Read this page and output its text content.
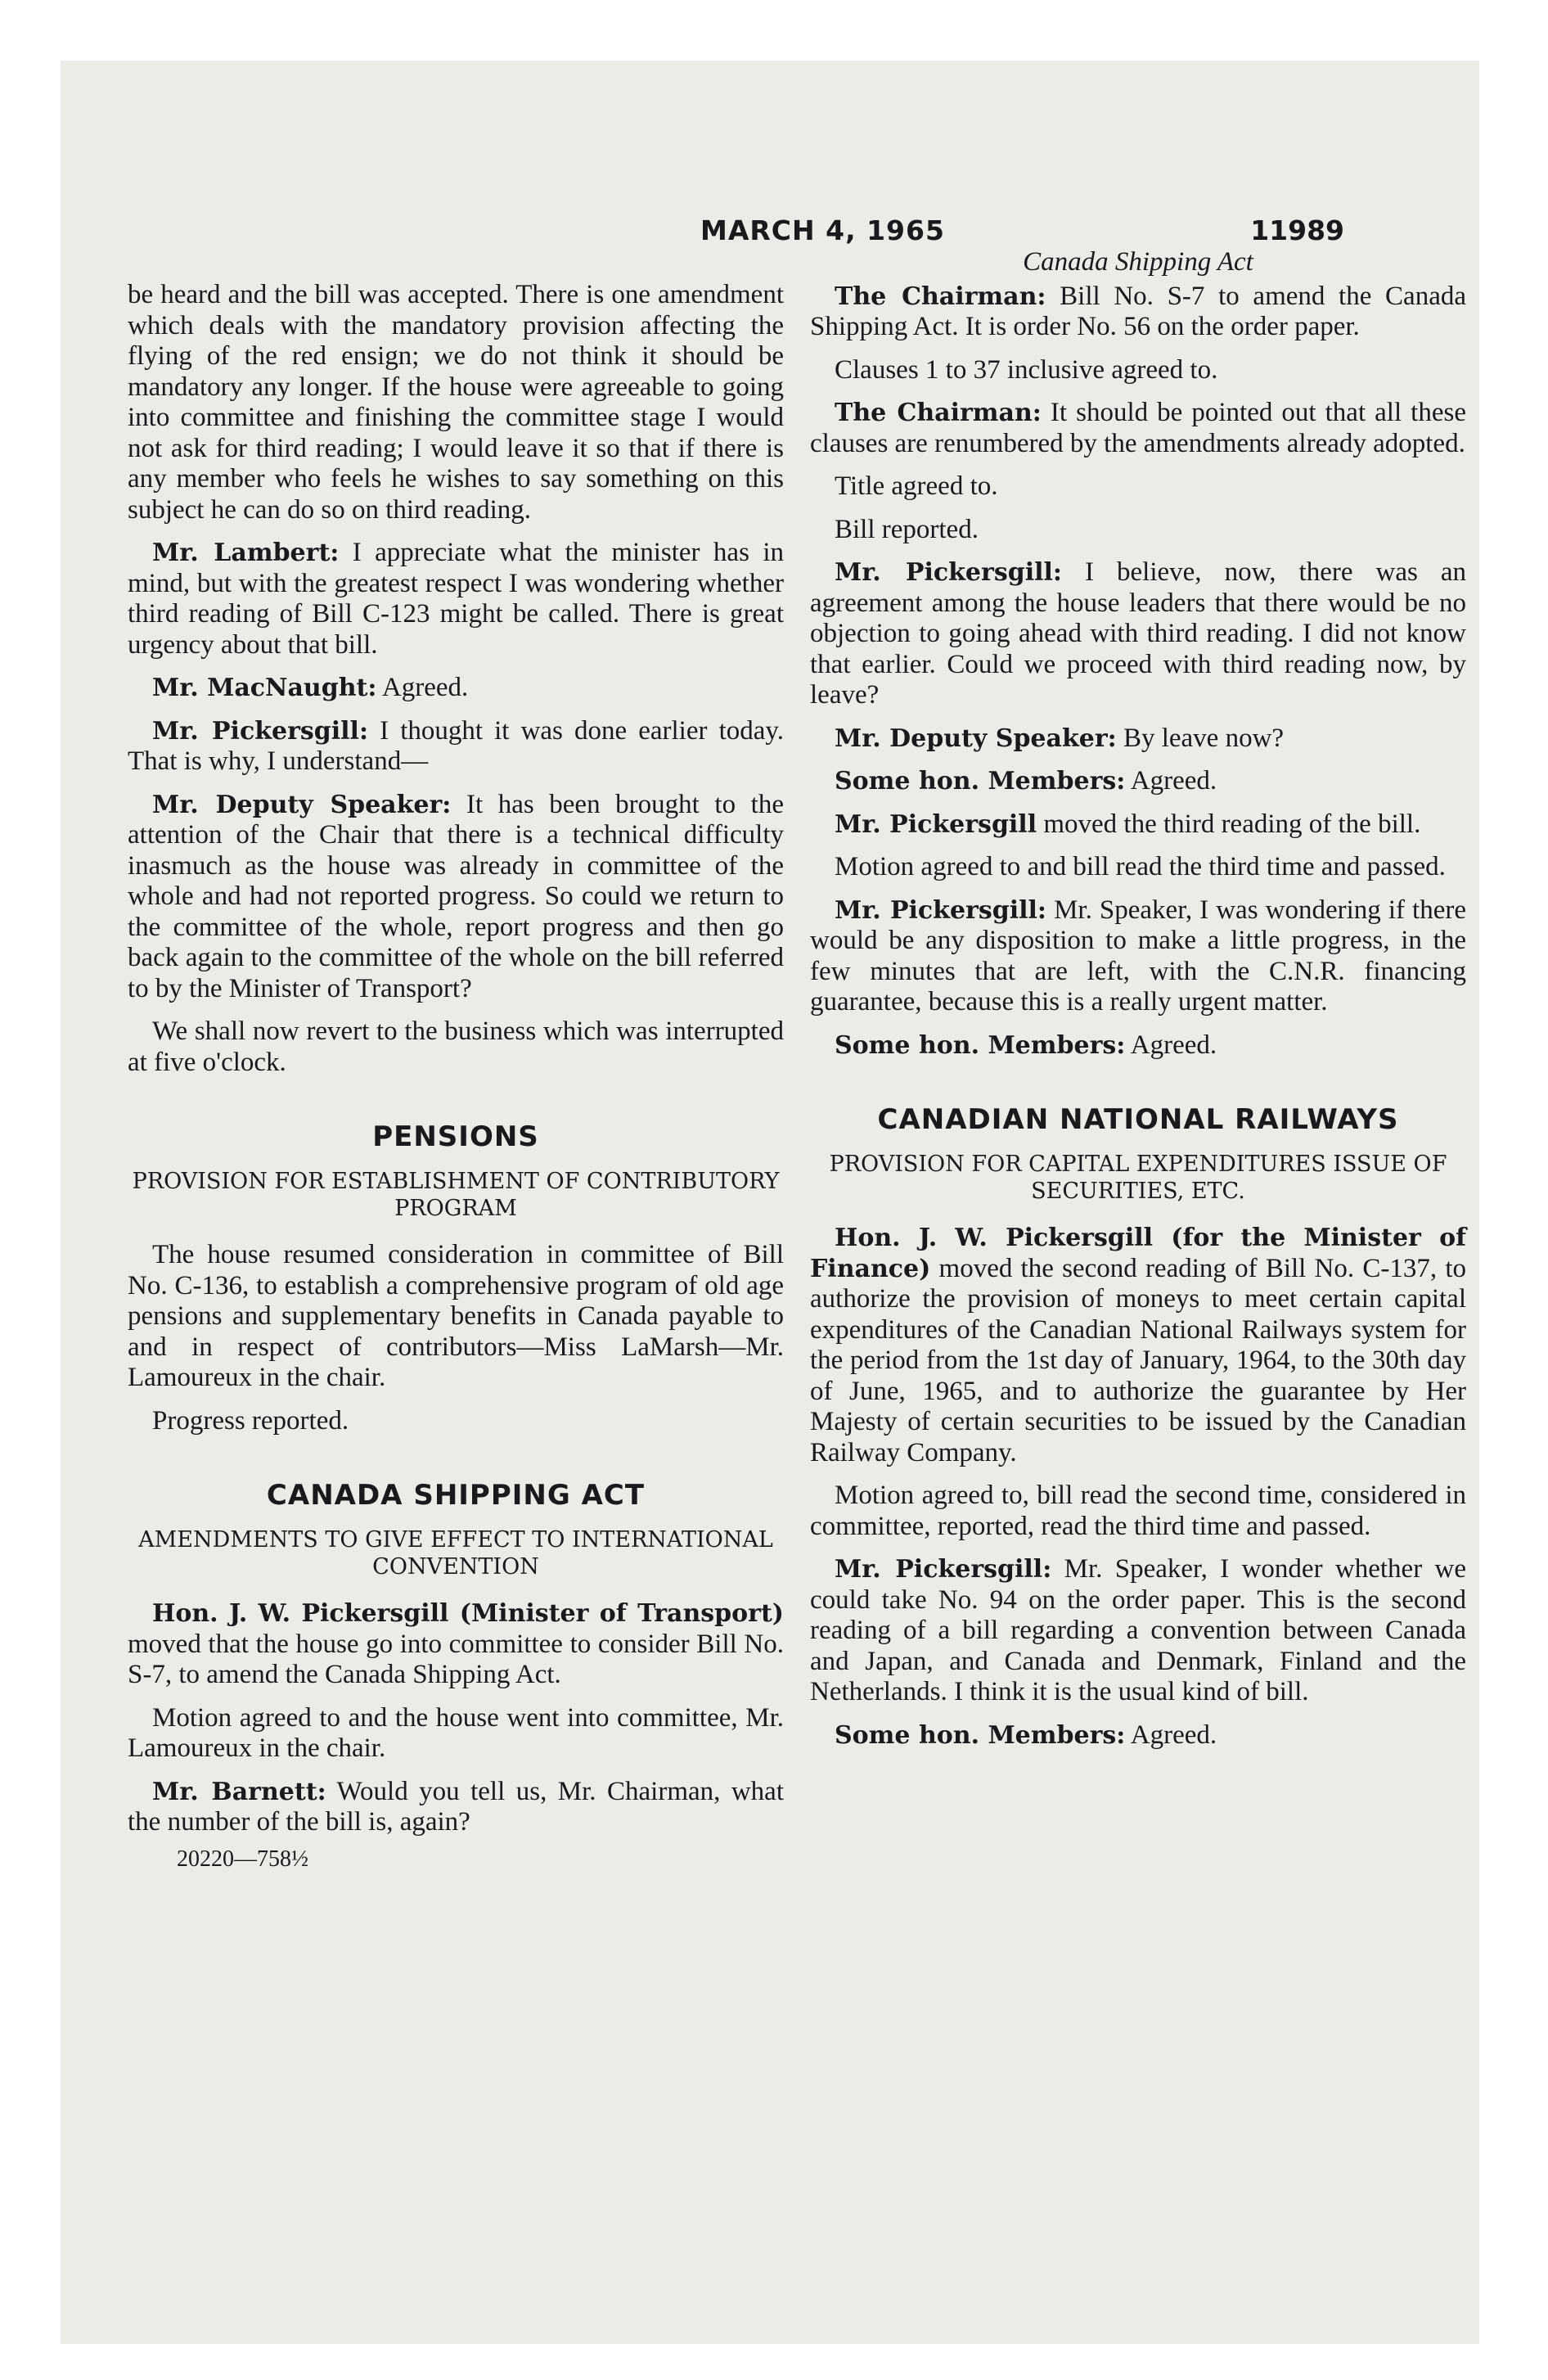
MARCH 4, 1965	11989

be heard and the bill was accepted. There is one amendment which deals with the mandatory provision affecting the flying of the red ensign; we do not think it should be mandatory any longer. If the house were agreeable to going into committee and finishing the committee stage I would not ask for third reading; I would leave it so that if there is any member who feels he wishes to say something on this subject he can do so on third reading.

Mr. Lambert: I appreciate what the minister has in mind, but with the greatest respect I was wondering whether third reading of Bill C-123 might be called. There is great urgency about that bill.

Mr. MacNaught: Agreed.

Mr. Pickersgill: I thought it was done earlier today. That is why, I understand—

Mr. Deputy Speaker: It has been brought to the attention of the Chair that there is a technical difficulty inasmuch as the house was already in committee of the whole and had not reported progress. So could we return to the committee of the whole, report progress and then go back again to the committee of the whole on the bill referred to by the Minister of Transport?

We shall now revert to the business which was interrupted at five o'clock.

PENSIONS
PROVISION FOR ESTABLISHMENT OF CONTRIBUTORY PROGRAM

The house resumed consideration in committee of Bill No. C-136, to establish a comprehensive program of old age pensions and supplementary benefits in Canada payable to and in respect of contributors—Miss LaMarsh—Mr. Lamoureux in the chair.

Progress reported.

CANADA SHIPPING ACT
AMENDMENTS TO GIVE EFFECT TO INTERNATIONAL CONVENTION

Hon. J. W. Pickersgill (Minister of Transport) moved that the house go into committee to consider Bill No. S-7, to amend the Canada Shipping Act.

Motion agreed to and the house went into committee, Mr. Lamoureux in the chair.

Mr. Barnett: Would you tell us, Mr. Chairman, what the number of the bill is, again?

20220—758½

Canada Shipping Act

The Chairman: Bill No. S-7 to amend the Canada Shipping Act. It is order No. 56 on the order paper.

Clauses 1 to 37 inclusive agreed to.

The Chairman: It should be pointed out that all these clauses are renumbered by the amendments already adopted.

Title agreed to.

Bill reported.

Mr. Pickersgill: I believe, now, there was an agreement among the house leaders that there would be no objection to going ahead with third reading. I did not know that earlier. Could we proceed with third reading now, by leave?

Mr. Deputy Speaker: By leave now?

Some hon. Members: Agreed.

Mr. Pickersgill moved the third reading of the bill.

Motion agreed to and bill read the third time and passed.

Mr. Pickersgill: Mr. Speaker, I was wondering if there would be any disposition to make a little progress, in the few minutes that are left, with the C.N.R. financing guarantee, because this is a really urgent matter.

Some hon. Members: Agreed.

CANADIAN NATIONAL RAILWAYS
PROVISION FOR CAPITAL EXPENDITURES ISSUE OF SECURITIES, ETC.

Hon. J. W. Pickersgill (for the Minister of Finance) moved the second reading of Bill No. C-137, to authorize the provision of moneys to meet certain capital expenditures of the Canadian National Railways system for the period from the 1st day of January, 1964, to the 30th day of June, 1965, and to authorize the guarantee by Her Majesty of certain securities to be issued by the Canadian Railway Company.

Motion agreed to, bill read the second time, considered in committee, reported, read the third time and passed.

Mr. Pickersgill: Mr. Speaker, I wonder whether we could take No. 94 on the order paper. This is the second reading of a bill regarding a convention between Canada and Japan, and Canada and Denmark, Finland and the Netherlands. I think it is the usual kind of bill.

Some hon. Members: Agreed.
